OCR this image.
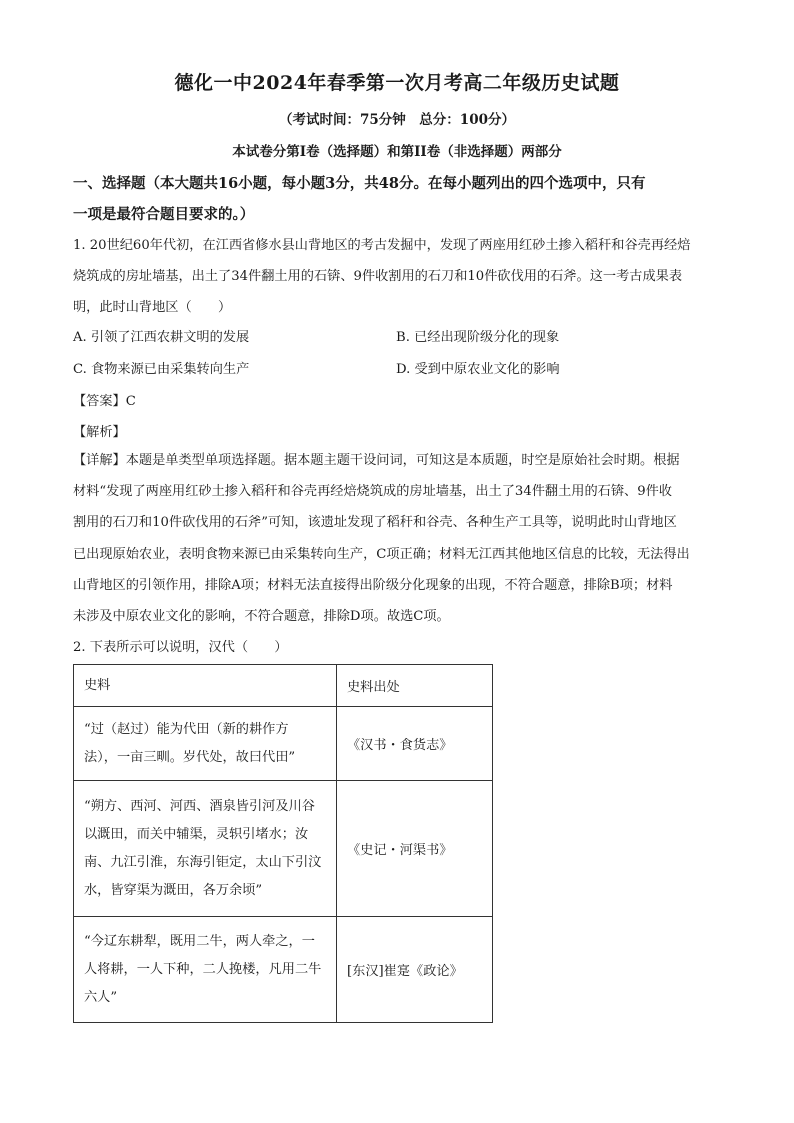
德化一中2024年春季第一次月考高二年级历史试题
（考试时间：75分钟　总分：100分）
本试卷分第I卷（选择题）和第II卷（非选择题）两部分
一、选择题（本大题共16小题，每小题3分，共48分。在每小题列出的四个选项中，只有
一项是最符合题目要求的。）
1. 20世纪60年代初，在江西省修水县山背地区的考古发掘中，发现了两座用红砂土掺入稻秆和谷壳再经焙
烧筑成的房址墙基，出土了34件翻土用的石锛、9件收割用的石刀和10件砍伐用的石斧。这一考古成果表
明，此时山背地区（　　）
A. 引领了江西农耕文明的发展	B. 已经出现阶级分化的现象
C. 食物来源已由采集转向生产	D. 受到中原农业文化的影响
【答案】C
【解析】
【详解】本题是单类型单项选择题。据本题主题干设问词，可知这是本质题，时空是原始社会时期。根据
材料“发现了两座用红砂土掺入稻秆和谷壳再经焙烧筑成的房址墙基，出土了34件翻土用的石锛、9件收
割用的石刀和10件砍伐用的石斧”可知，该遗址发现了稻秆和谷壳、各种生产工具等，说明此时山背地区
已出现原始农业，表明食物来源已由采集转向生产，C项正确；材料无江西其他地区信息的比较，无法得出
山背地区的引领作用，排除A项；材料无法直接得出阶级分化现象的出现，不符合题意，排除B项；材料
未涉及中原农业文化的影响，不符合题意，排除D项。故选C项。
2. 下表所示可以说明，汉代（　　）
史料	史料出处

“过（赵过）能为代田（新的耕作方
法），一亩三甽。岁代处，故曰代田”	《汉书・食货志》

“朔方、西河、河西、酒泉皆引河及川谷
以溉田，而关中辅渠，灵轵引堵水；汝
南、九江引淮，东海引钜定，太山下引汶
水，皆穿渠为溉田，各万余顷”	《史记・河渠书》

“今辽东耕犁，既用二牛，两人牵之，一
人将耕，一人下种，二人挽楼，凡用二牛
六人”	[东汉]崔寔《政论》
